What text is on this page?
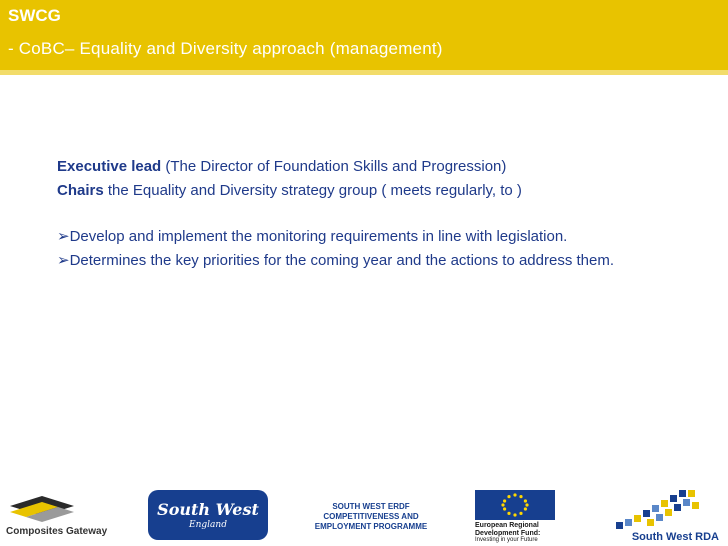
SWCG
- CoBC– Equality and Diversity approach (management)
Executive lead (The Director of Foundation Skills and Progression)
Chairs the Equality and Diversity strategy group ( meets regularly, to )
➢Develop and implement the monitoring requirements in line with legislation.
➢Determines the key priorities for the coming year and the actions to address them.
Composites Gateway
South West
England
SOUTH WEST ERDF
COMPETITIVENESS AND
EMPLOYMENT PROGRAMME	European Regional
Development Fund:
Investing in your Future	South West RDA
